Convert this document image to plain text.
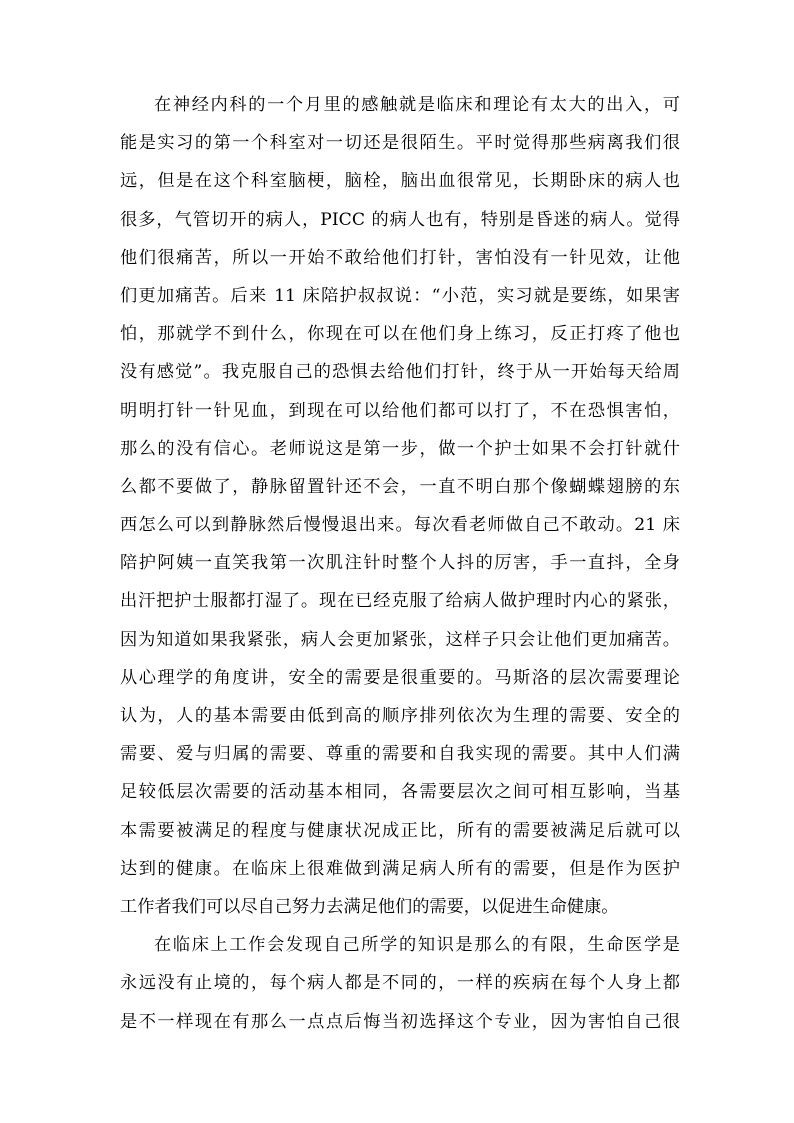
在神经内科的一个月里的感触就是临床和理论有太大的出入，可
能是实习的第一个科室对一切还是很陌生。平时觉得那些病离我们很
远，但是在这个科室脑梗，脑栓，脑出血很常见，长期卧床的病人也
很多，气管切开的病人，PICC 的病人也有，特别是昏迷的病人。觉得
他们很痛苦，所以一开始不敢给他们打针，害怕没有一针见效，让他
们更加痛苦。后来 11 床陪护叔叔说：“小范，实习就是要练，如果害
怕，那就学不到什么，你现在可以在他们身上练习，反正打疼了他也
没有感觉”。我克服自己的恐惧去给他们打针，终于从一开始每天给周
明明打针一针见血，到现在可以给他们都可以打了，不在恐惧害怕，
那么的没有信心。老师说这是第一步，做一个护士如果不会打针就什
么都不要做了，静脉留置针还不会，一直不明白那个像蝴蝶翅膀的东
西怎么可以到静脉然后慢慢退出来。每次看老师做自己不敢动。21 床
陪护阿姨一直笑我第一次肌注针时整个人抖的厉害，手一直抖，全身
出汗把护士服都打湿了。现在已经克服了给病人做护理时内心的紧张，
因为知道如果我紧张，病人会更加紧张，这样子只会让他们更加痛苦。
从心理学的角度讲，安全的需要是很重要的。马斯洛的层次需要理论
认为，人的基本需要由低到高的顺序排列依次为生理的需要、安全的
需要、爱与归属的需要、尊重的需要和自我实现的需要。其中人们满
足较低层次需要的活动基本相同，各需要层次之间可相互影响，当基
本需要被满足的程度与健康状况成正比，所有的需要被满足后就可以
达到的健康。在临床上很难做到满足病人所有的需要，但是作为医护
工作者我们可以尽自己努力去满足他们的需要，以促进生命健康。
在临床上工作会发现自己所学的知识是那么的有限，生命医学是
永远没有止境的，每个病人都是不同的，一样的疾病在每个人身上都
是不一样现在有那么一点点后悔当初选择这个专业，因为害怕自己很
